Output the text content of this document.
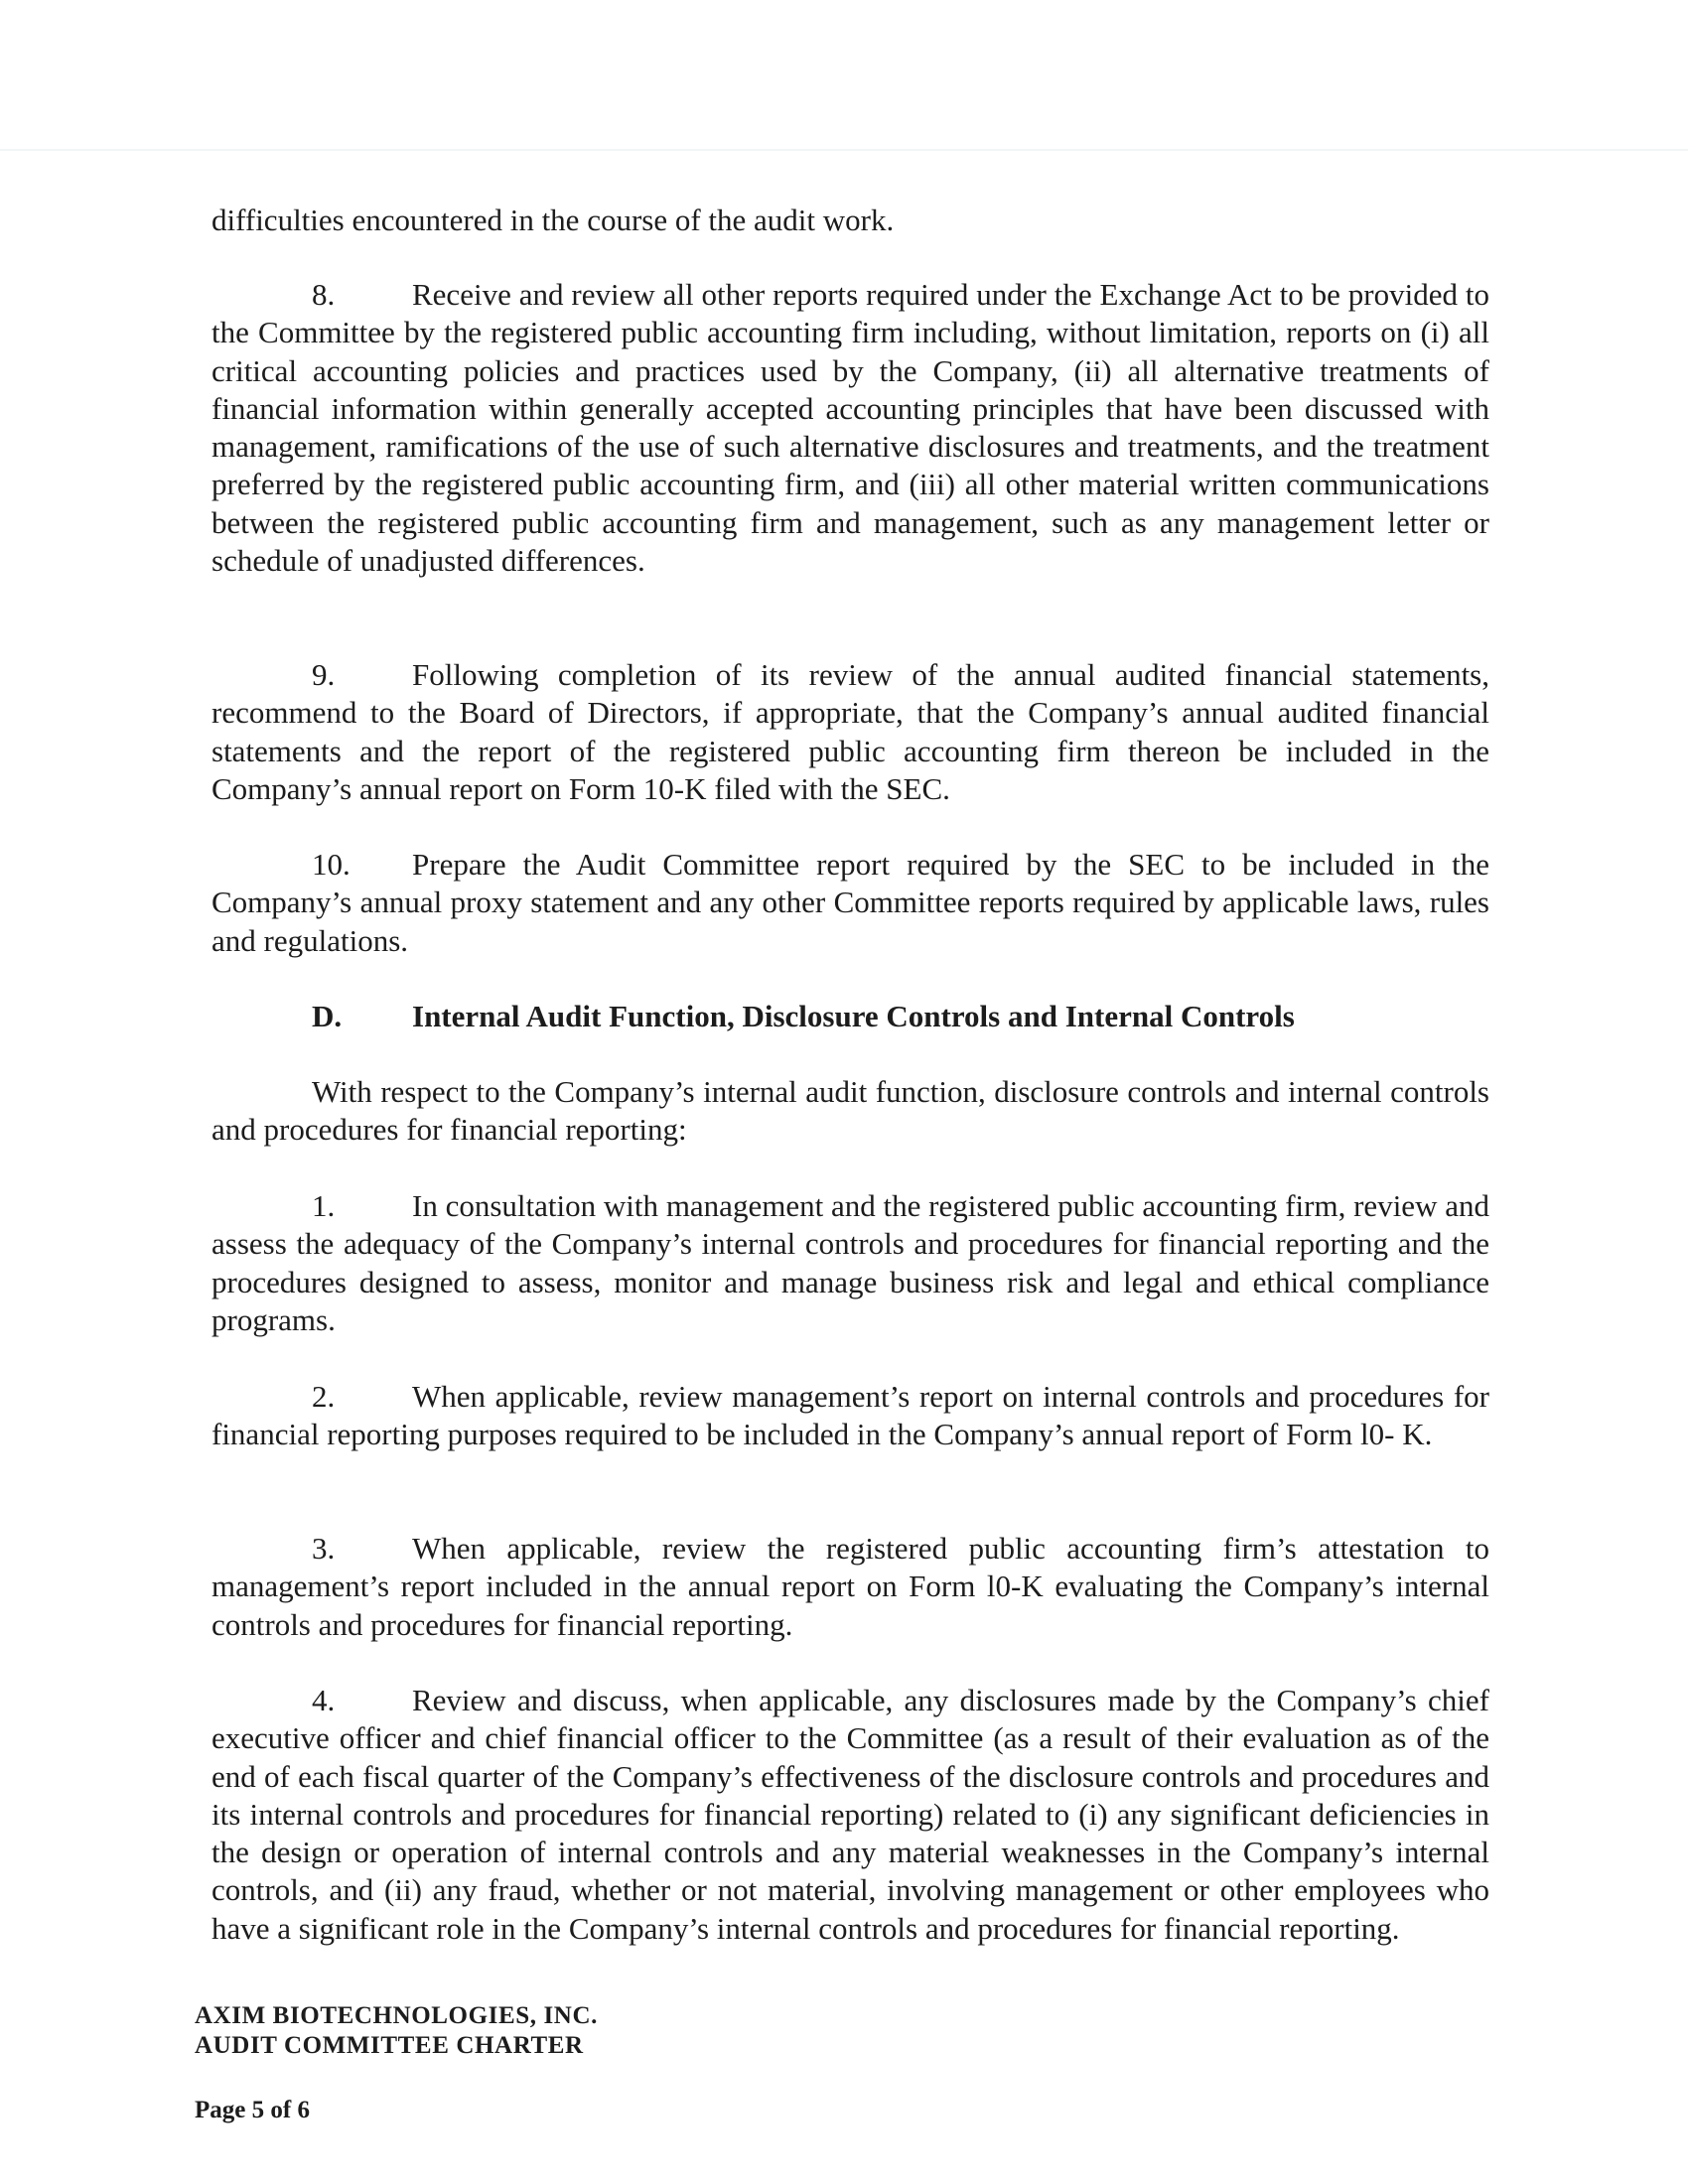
difficulties encountered in the course of the audit work.

8.	Receive and review all other reports required under the Exchange Act to be provided to the Committee by the registered public accounting firm including, without limitation, reports on (i) all critical accounting policies and practices used by the Company, (ii) all alternative treatments of financial information within generally accepted accounting principles that have been discussed with management, ramifications of the use of such alternative disclosures and treatments, and the treatment preferred by the registered public accounting firm, and (iii) all other material written communications between the registered public accounting firm and management, such as any management letter or schedule of unadjusted differences.

9.	Following completion of its review of the annual audited financial statements, recommend to the Board of Directors, if appropriate, that the Company’s annual audited financial statements and the report of the registered public accounting firm thereon be included in the Company’s annual report on Form 10-K filed with the SEC.

10. Prepare the Audit Committee report required by the SEC to be included in the Company’s annual proxy statement and any other Committee reports required by applicable laws, rules and regulations.

D. Internal Audit Function, Disclosure Controls and Internal Controls

With respect to the Company’s internal audit function, disclosure controls and internal controls and procedures for financial reporting:

1.	In consultation with management and the registered public accounting firm, review and assess the adequacy of the Company’s internal controls and procedures for financial reporting and the procedures designed to assess, monitor and manage business risk and legal and ethical compliance programs.

2.	When applicable, review management’s report on internal controls and procedures for financial reporting purposes required to be included in the Company’s annual report of Form l0- K.

3.	When applicable, review the registered public accounting firm’s attestation to management’s report included in the annual report on Form l0-K evaluating the Company’s internal controls and procedures for financial reporting.

4.	Review and discuss, when applicable, any disclosures made by the Company’s chief executive officer and chief financial officer to the Committee (as a result of their evaluation as of the end of each fiscal quarter of the Company’s effectiveness of the disclosure controls and procedures and its internal controls and procedures for financial reporting) related to (i) any significant deficiencies in the design or operation of internal controls and any material weaknesses in the Company’s internal controls, and (ii) any fraud, whether or not material, involving management or other employees who have a significant role in the Company’s internal controls and procedures for financial reporting.

AXIM BIOTECHNOLOGIES, INC.

AUDIT COMMITTEE CHARTER

Page 5 of 6
